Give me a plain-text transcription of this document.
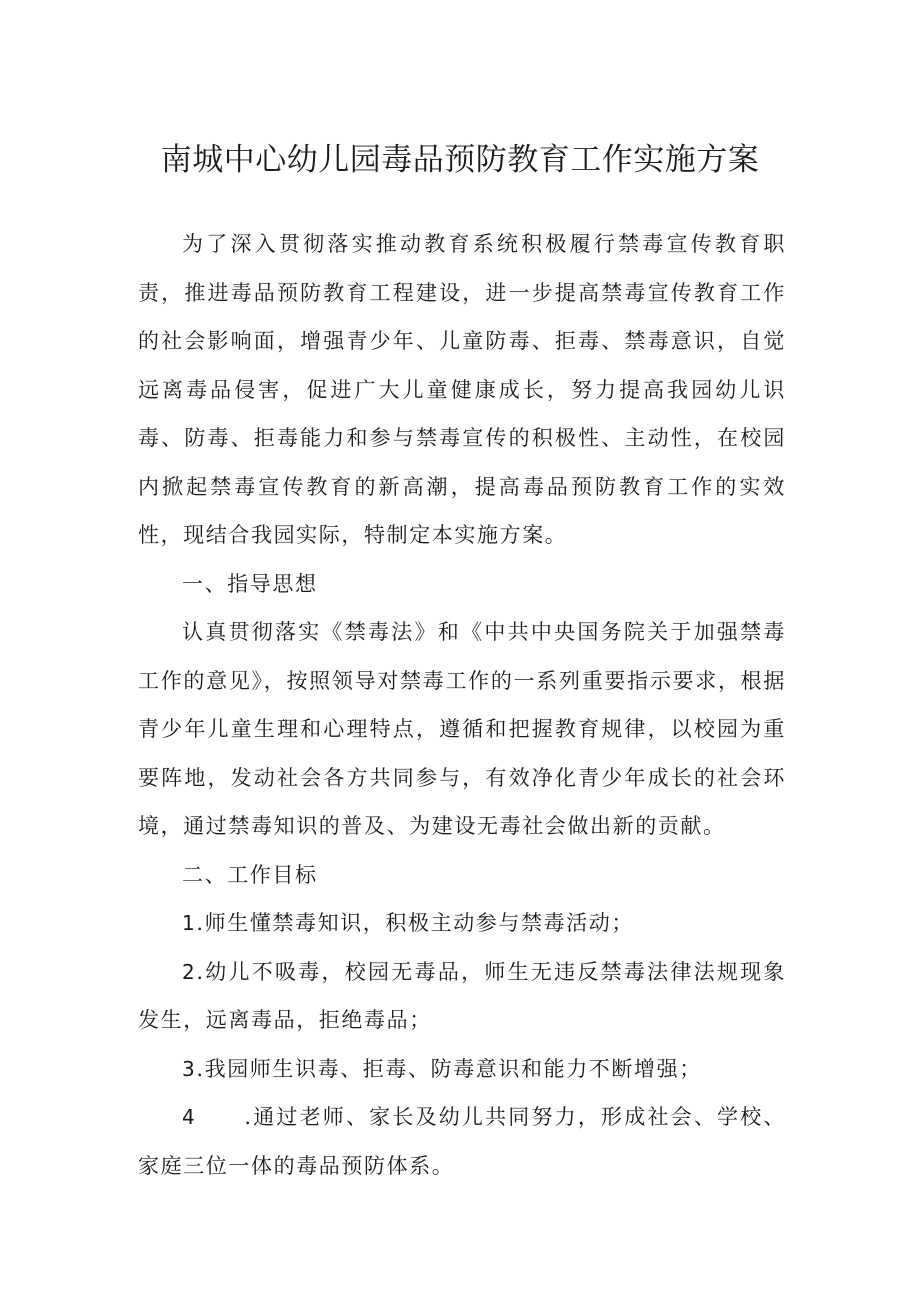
南城中心幼儿园毒品预防教育工作实施方案

为了深入贯彻落实推动教育系统积极履行禁毒宣传教育职责，推进毒品预防教育工程建设，进一步提高禁毒宣传教育工作的社会影响面，增强青少年、儿童防毒、拒毒、禁毒意识，自觉远离毒品侵害，促进广大儿童健康成长，努力提高我园幼儿识毒、防毒、拒毒能力和参与禁毒宣传的积极性、主动性，在校园内掀起禁毒宣传教育的新高潮，提高毒品预防教育工作的实效性，现结合我园实际，特制定本实施方案。

一、指导思想

认真贯彻落实《禁毒法》和《中共中央国务院关于加强禁毒工作的意见》，按照领导对禁毒工作的一系列重要指示要求，根据青少年儿童生理和心理特点，遵循和把握教育规律，以校园为重要阵地，发动社会各方共同参与，有效净化青少年成长的社会环境，通过禁毒知识的普及、为建设无毒社会做出新的贡献。

二、工作目标

1.师生懂禁毒知识，积极主动参与禁毒活动；

2.幼儿不吸毒，校园无毒品，师生无违反禁毒法律法规现象发生，远离毒品，拒绝毒品；

3.我园师生识毒、拒毒、防毒意识和能力不断增强；

4 .通过老师、家长及幼儿共同努力，形成社会、学校、家庭三位一体的毒品预防体系。
